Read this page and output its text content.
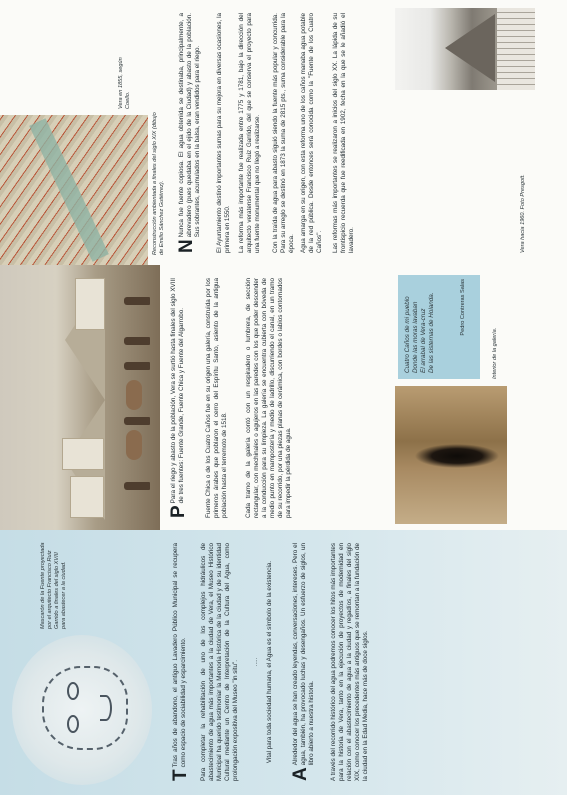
Mascarón de la Fuente proyectada por el arquitecto Francisco Ruiz Garrido a finales del siglo XVIII para abastecer a la ciudad.

T
Tras años de abandono, el antiguo Lavadero Público Municipal se recupera como espacio de sociabilidad y esparcimiento.	Para completar la rehabilitación de uno de los complejos hidráulicos de abastecimiento de agua más importantes a la ciudad de Vera, el Museo Histórico Municipal ha querido testimoniar la Memoria Histórica de la ciudad y de su identidad Cultural mediante un Centro de Interpretación de la Cultura del Agua, como prolongación expositiva del Museo "in situ". ..... Vital para toda sociedad humana, el Agua es el símbolo de la existencia.

A
Alrededor del agua se han creado leyendas, conversaciones, intereses. Pero el agua, también, ha provocado luchas y desengaños. Un esfuerzo de siglos, un libro abierto a nuestra historia. A través del recorrido histórico del agua podremos conocer los hitos más importantes para la historia de Vera, tanto en la ejecución de proyectos de modernidad en relación con el abastecimiento de agua a la ciudad y regadíos, a finales del siglo XIX, como conocer los precedentes más antiguos que se remontan a la fundación de la ciudad en la Edad Media, hace más de doce siglos.

P
Para el riego y abasto de la población, Vera se surtió hasta finales del siglo XVIII de tres fuentes: Fuente Grande, Fuente Chica y Fuente del Algarrobo.	Fuente Chica o de los Cuatro Caños fue en su origen una galería, construida por los primeros árabes que poblaron el cerro del Espíritu Santo, asiento de la antigua población hasta el terremoto de 1518.	Cada tramo de la galería contó con un respiradero o lumbrera, de sección rectangular, con mechinales o agujeros en las paredes con los que poder descender a la conducción para su limpieza. La galería se encuentra cubierta con bóveda de medio punto en mampostería y medio de ladrillo, discurriendo el canal, en un tramo de su recorrido, por una piezas planas de cerámica, con bordes o labios contornados para impedir la pérdida de agua.

Cuatro Caños de mi pueblo Donde las moras lavaban El arrabal de Vera-cruz De las sisternas de Holanda.	Pedro Contreras Salas

Interior de la galería.

Vera en 1855, según Coello.

Reconstrucción ambientada a finales del siglo XIX (dibujo de Emilio Sánchez Gutiérrez). N
Nunca fue fuente copiosa. El agua obtenida se destinaba, principalmente, a abrevadero (pues quedaba en el ejido de la Ciudad) y abasto de la población. Sus sobrantes, acumulados en la balsa, eran vendidos para el riego. El Ayuntamiento destinó importantes sumas para su mejora en diversas ocasiones, la primera en 1550. La reforma más importante fue realizada entre 1775 y 1781, bajo la dirección del arquitecto veratense Francisco Ruiz Garrido, del que se conserva el proyecto para una fuente monumental que no llegó a realizarse. Con la traída de agua para abasto siguió siendo la fuente más popular y concurrida. Para su arreglo se destinó en 1873 la suma de 2815 pts., suma considerable para la época. Agua amarga en su origen, con esta reforma uno de los caños manaba agua potable de la red pública. Desde entonces será conocida como la "Fuente de los Cuatro Caños". Las reformas más importantes se realizaron a inicios del siglo XX. La lápida de su frontispicio recuerda que fue reedificada en 1902, fecha en la que se le añadió el lavadero.	Vera hacia 1960. Foto Presgott.
